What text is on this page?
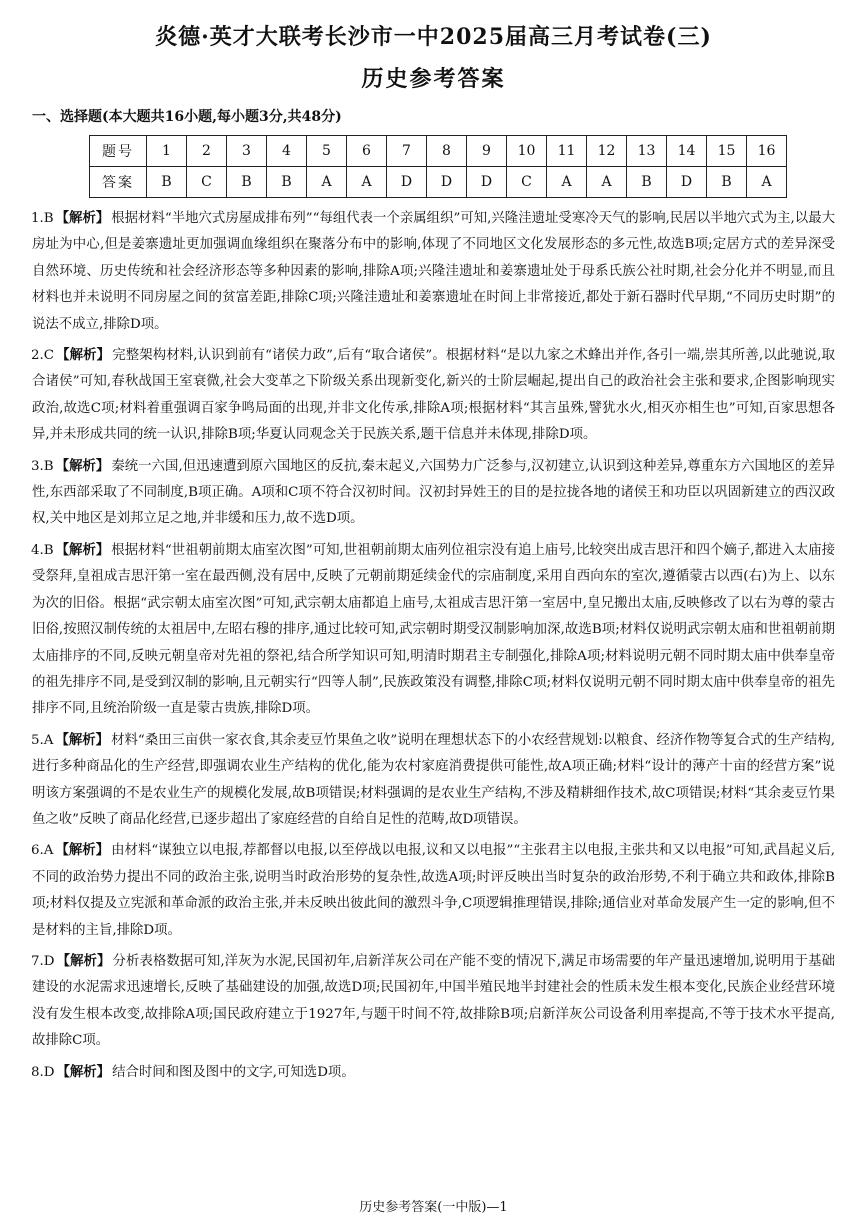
炎德·英才大联考长沙市一中2025届高三月考试卷(三)
历史参考答案
一、选择题(本大题共16小题,每小题3分,共48分)
题号	1	2	3	4	5	6	7	8	9	10	11	12	13	14	15	16
答案	B	C	B	B	A	A	D	D	D	C	A	A	B	D	B	A

1.B 【解析】 根据材料“半地穴式房屋成排布列”“每组代表一个亲属组织”可知,兴隆洼遗址受寒冷天气的影响,民居以半地穴式为主,以最大房址为中心,但是姜寨遗址更加强调血缘组织在聚落分布中的影响,体现了不同地区文化发展形态的多元性,故选B项;定居方式的差异深受自然环境、历史传统和社会经济形态等多种因素的影响,排除A项;兴隆洼遗址和姜寨遗址处于母系氏族公社时期,社会分化并不明显,而且材料也并未说明不同房屋之间的贫富差距,排除C项;兴隆洼遗址和姜寨遗址在时间上非常接近,都处于新石器时代早期,“不同历史时期”的说法不成立,排除D项。

2.C 【解析】 完整架构材料,认识到前有“诸侯力政”,后有“取合诸侯”。根据材料“是以九家之术蜂出并作,各引一端,崇其所善,以此驰说,取合诸侯”可知,春秋战国王室衰微,社会大变革之下阶级关系出现新变化,新兴的士阶层崛起,提出自己的政治社会主张和要求,企图影响现实政治,故选C项;材料着重强调百家争鸣局面的出现,并非文化传承,排除A项;根据材料“其言虽殊,譬犹水火,相灭亦相生也”可知,百家思想各异,并未形成共同的统一认识,排除B项;华夏认同观念关于民族关系,题干信息并未体现,排除D项。

3.B 【解析】 秦统一六国,但迅速遭到原六国地区的反抗,秦末起义,六国势力广泛参与,汉初建立,认识到这种差异,尊重东方六国地区的差异性,东西部采取了不同制度,B项正确。A项和C项不符合汉初时间。汉初封异姓王的目的是拉拢各地的诸侯王和功臣以巩固新建立的西汉政权,关中地区是刘邦立足之地,并非缓和压力,故不选D项。

4.B 【解析】 根据材料“世祖朝前期太庙室次图”可知,世祖朝前期太庙列位祖宗没有追上庙号,比较突出成吉思汗和四个嫡子,都进入太庙接受祭拜,皇祖成吉思汗第一室在最西侧,没有居中,反映了元朝前期延续金代的宗庙制度,采用自西向东的室次,遵循蒙古以西(右)为上、以东为次的旧俗。根据“武宗朝太庙室次图”可知,武宗朝太庙都追上庙号,太祖成吉思汗第一室居中,皇兄搬出太庙,反映修改了以右为尊的蒙古旧俗,按照汉制传统的太祖居中,左昭右穆的排序,通过比较可知,武宗朝时期受汉制影响加深,故选B项;材料仅说明武宗朝太庙和世祖朝前期太庙排序的不同,反映元朝皇帝对先祖的祭祀,结合所学知识可知,明清时期君主专制强化,排除A项;材料说明元朝不同时期太庙中供奉皇帝的祖先排序不同,是受到汉制的影响,且元朝实行“四等人制”,民族政策没有调整,排除C项;材料仅说明元朝不同时期太庙中供奉皇帝的祖先排序不同,且统治阶级一直是蒙古贵族,排除D项。

5.A 【解析】 材料“桑田三亩供一家衣食,其余麦豆竹果鱼之收”说明在理想状态下的小农经营规划:以粮食、经济作物等复合式的生产结构,进行多种商品化的生产经营,即强调农业生产结构的优化,能为农村家庭消费提供可能性,故A项正确;材料“设计的薄产十亩的经营方案”说明该方案强调的不是农业生产的规模化发展,故B项错误;材料强调的是农业生产结构,不涉及精耕细作技术,故C项错误;材料“其余麦豆竹果鱼之收”反映了商品化经营,已逐步超出了家庭经营的自给自足性的范畴,故D项错误。

6.A 【解析】 由材料“谋独立以电报,荐都督以电报,以至停战以电报,议和又以电报”“主张君主以电报,主张共和又以电报”可知,武昌起义后,不同的政治势力提出不同的政治主张,说明当时政治形势的复杂性,故选A项;时评反映出当时复杂的政治形势,不利于确立共和政体,排除B项;材料仅提及立宪派和革命派的政治主张,并未反映出彼此间的激烈斗争,C项逻辑推理错误,排除;通信业对革命发展产生一定的影响,但不是材料的主旨,排除D项。

7.D 【解析】 分析表格数据可知,洋灰为水泥,民国初年,启新洋灰公司在产能不变的情况下,满足市场需要的年产量迅速增加,说明用于基础建设的水泥需求迅速增长,反映了基础建设的加强,故选D项;民国初年,中国半殖民地半封建社会的性质未发生根本变化,民族企业经营环境没有发生根本改变,故排除A项;国民政府建立于1927年,与题干时间不符,故排除B项;启新洋灰公司设备利用率提高,不等于技术水平提高,故排除C项。

8.D 【解析】 结合时间和图及图中的文字,可知选D项。

历史参考答案(一中版)—1
